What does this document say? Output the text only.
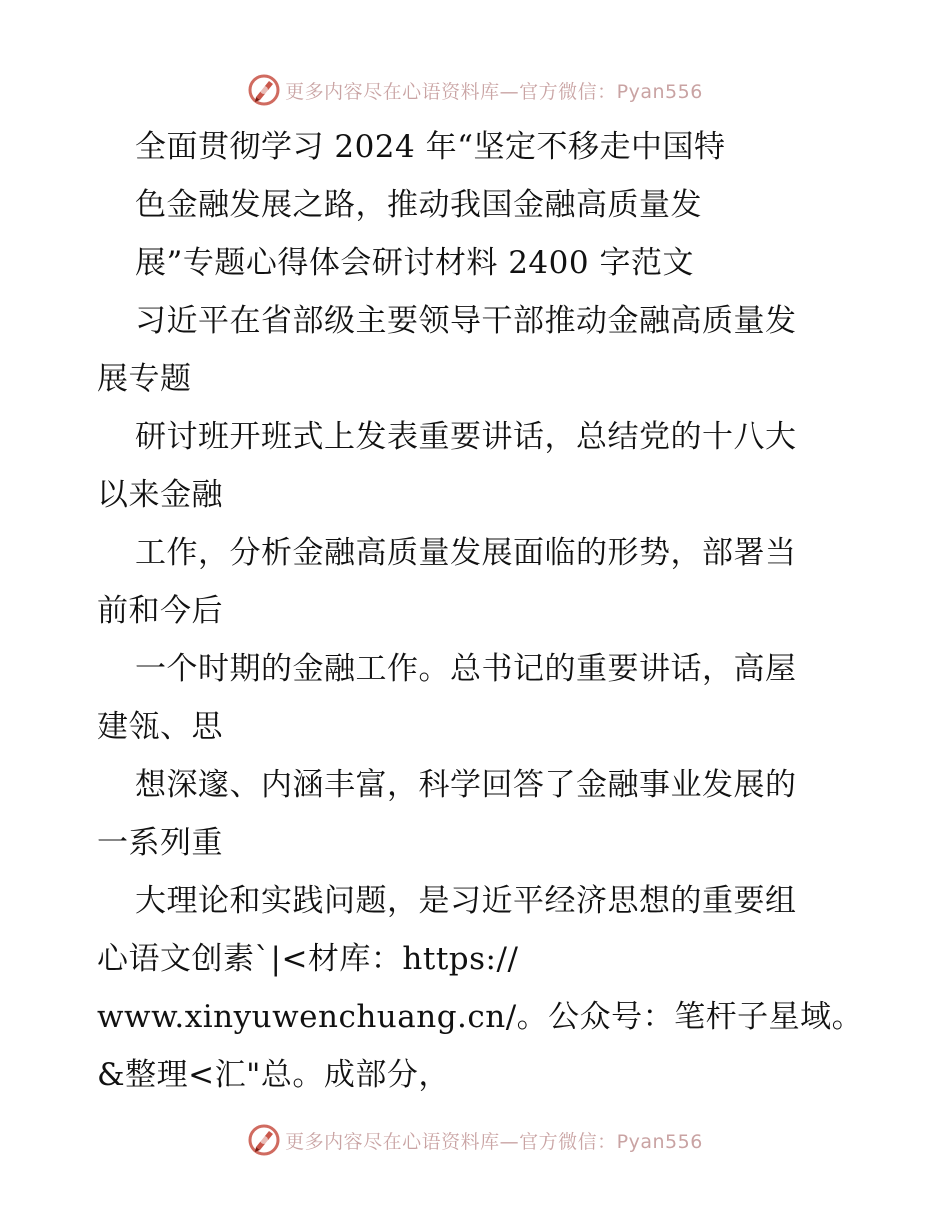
更多内容尽在心语资料库—官方微信：Pyan556
全面贯彻学习 2024 年“坚定不移走中国特
色金融发展之路，推动我国金融高质量发
展”专题心得体会研讨材料 2400 字范文
习近平在省部级主要领导干部推动金融高质量发
展专题
研讨班开班式上发表重要讲话，总结党的十八大
以来金融
工作，分析金融高质量发展面临的形势，部署当
前和今后
一个时期的金融工作。总书记的重要讲话，高屋
建瓴、思
想深邃、内涵丰富，科学回答了金融事业发展的
一系列重
大理论和实践问题，是习近平经济思想的重要组
心语文创素`|<材库：https://
www.xinyuwenchuang.cn/。公众号：笔杆子星域。
&整理<汇"总。成部分，
更多内容尽在心语资料库—官方微信：Pyan556
